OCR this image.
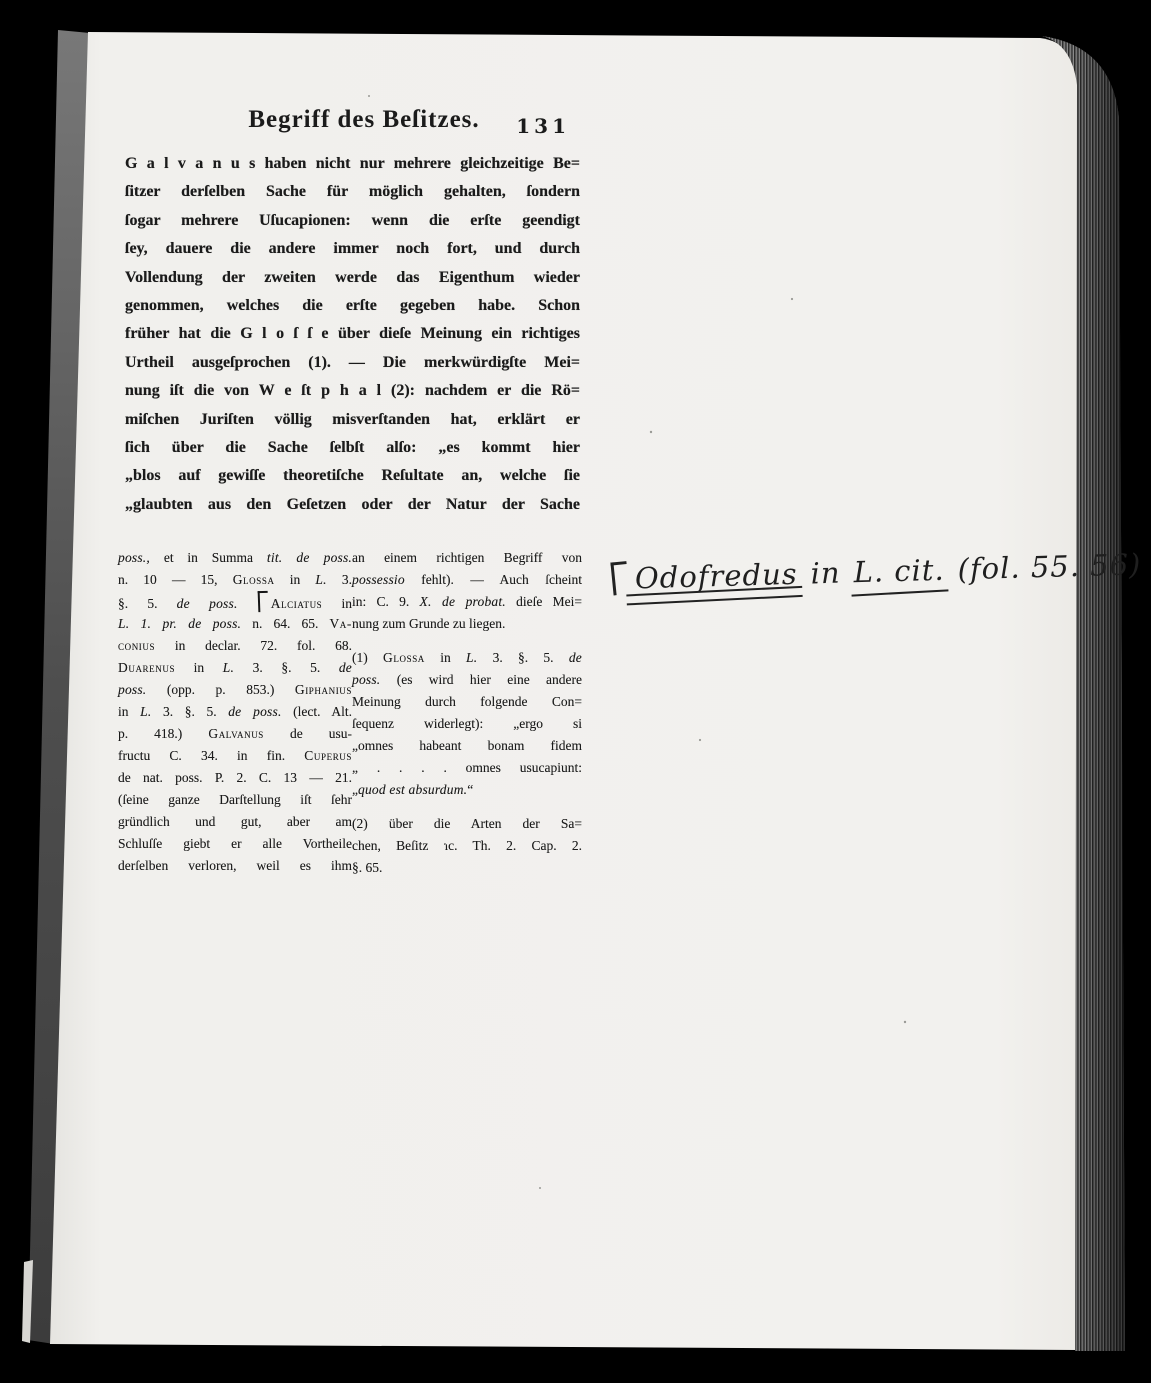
Begriff des Beſitzes.	131
G a l v a n u s haben nicht nur mehrere gleichzeitige Be=
ſitzer derſelben Sache für möglich gehalten, ſondern
ſogar mehrere Uſucapionen: wenn die erſte geendigt
ſey, dauere die andere immer noch fort, und durch
Vollendung der zweiten werde das Eigenthum wieder
genommen, welches die erſte gegeben habe. Schon
früher hat die G l o ſ ſ e über dieſe Meinung ein richtiges
Urtheil ausgeſprochen (1). — Die merkwürdigſte Mei=
nung iſt die von W e ſt p h a l (2): nachdem er die Rö=
miſchen Juriſten völlig misverſtanden hat, erklärt er
ſich über die Sache ſelbſt alſo: „es kommt hier
„blos auf gewiſſe theoretiſche Reſultate an, welche ſie
„glaubten aus den Geſetzen oder der Natur der Sache
poss., et in Summa tit. de poss.
n. 10 — 15, Glossa in L. 3.
§. 5. de poss. Alciatus in
L. 1. pr. de poss. n. 64. 65. Va-
conius in declar. 72. fol. 68.
Duarenus in L. 3. §. 5. de
poss. (opp. p. 853.) Giphanius
in L. 3. §. 5. de poss. (lect. Alt.
p. 418.) Galvanus de usu-
fructu C. 34. in fin. Cuperus
de nat. poss. P. 2. C. 13 — 21.
(ſeine ganze Darſtellung iſt ſehr
gründlich und gut, aber am
Schluſſe giebt er alle Vortheile
derſelben verloren, weil es ihm
an einem richtigen Begriff von
possessio fehlt). — Auch ſcheint
in: C. 9. X. de probat. dieſe Mei=
nung zum Grunde zu liegen.
(1) Glossa in L. 3. §. 5. de
poss. (es wird hier eine andere
Meinung durch folgende Con=
ſequenz widerlegt): „ergo si
„omnes habeant bonam fidem
„ . . . . omnes usucapiunt:
„quod est absurdum.“
(2) über die Arten der Sa=
chen, Beſitz ɿc. Th. 2. Cap. 2.
§. 65.
Odofredus in L. cit. (fol. 55. 56)
